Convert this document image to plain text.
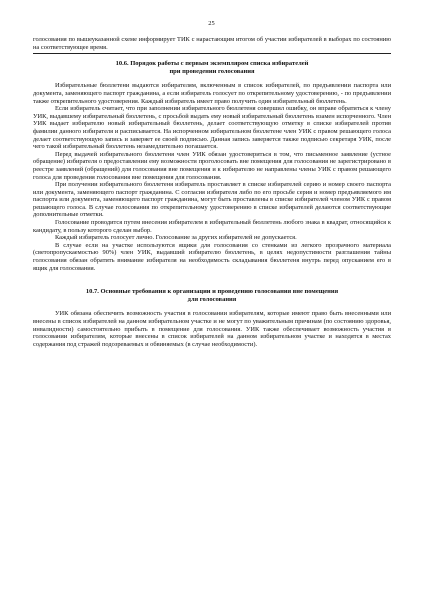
25

голосования по вышеуказанной схеме информирует ТИК с нарастающим итогом об участии избирателей в выборах по состоянию на соответствующее время.

10.6. Порядок работы с первым экземпляром списка избирателей
при проведении голосования

Избирательные бюллетени выдаются избирателям, включенным в список избирателей, по предъявлении паспорта или документа, заменяющего паспорт гражданина, а если избиратель голосует по открепительному удостоверению, - по предъявлении также открепительного удостоверения. Каждый избиратель имеет право получить один избирательный бюллетень.

Если избиратель считает, что при заполнении избирательного бюллетеня совершил ошибку, он вправе обратиться к члену УИК, выдавшему избирательный бюллетень, с просьбой выдать ему новый избирательный бюллетень взамен испорченного. Член УИК выдает избирателю новый избирательный бюллетень, делает соответствующую отметку в списке избирателей против фамилии данного избирателя и расписывается. На испорченном избирательном бюллетене член УИК с правом решающего голоса делает соответствующую запись и заверяет ее своей подписью. Данная запись заверяется также подписью секретаря УИК, после чего такой избирательный бюллетень незамедлительно погашается.

Перед выдачей избирательного бюллетеня член УИК обязан удостовериться в том, что письменное заявление (устное обращение) избирателя о предоставлении ему возможности проголосовать вне помещения для голосования не зарегистрировано в реестре заявлений (обращений) для голосования вне помещения и к избирателю не направлены члены УИК с правом решающего голоса для проведения голосования вне помещения для голосования.

При получении избирательного бюллетеня избиратель проставляет в списке избирателей серию и номер своего паспорта или документа, заменяющего паспорт гражданина. С согласия избирателя либо по его просьбе серия и номер предъявляемого им паспорта или документа, заменяющего паспорт гражданина, могут быть проставлены в списке избирателей членом УИК с правом решающего голоса. В случае голосования по открепительному удостоверению в списке избирателей делаются соответствующие дополнительные отметки.

Голосование проводится путем внесения избирателем в избирательный бюллетень любого знака в квадрат, относящийся к кандидату, в пользу которого сделан выбор.

Каждый избиратель голосует лично. Голосование за других избирателей не допускается.

В случае если на участке используются ящики для голосования со стенками из легкого прозрачного материала (светопропускаемостью 90%) член УИК, выдавший избирателю бюллетень, в целях недопустимости разглашения тайны голосования обязан обратить внимание избирателя на необходимость складывания бюллетеня внутрь перед опусканием его в ящик для голосования.

10.7. Основные требования к организации и проведению голосования вне помещения
для голосования

УИК обязана обеспечить возможность участия в голосовании избирателям, которые имеют право быть внесенными или внесены в список избирателей на данном избирательном участке и не могут по уважительным причинам (по состоянию здоровья, инвалидности) самостоятельно прибыть в помещение для голосования. УИК также обеспечивает возможность участия в голосовании избирателям, которые внесены в список избирателей на данном избирательном участке и находятся в местах содержания под стражей подозреваемых и обвиняемых (в случае необходимости).
